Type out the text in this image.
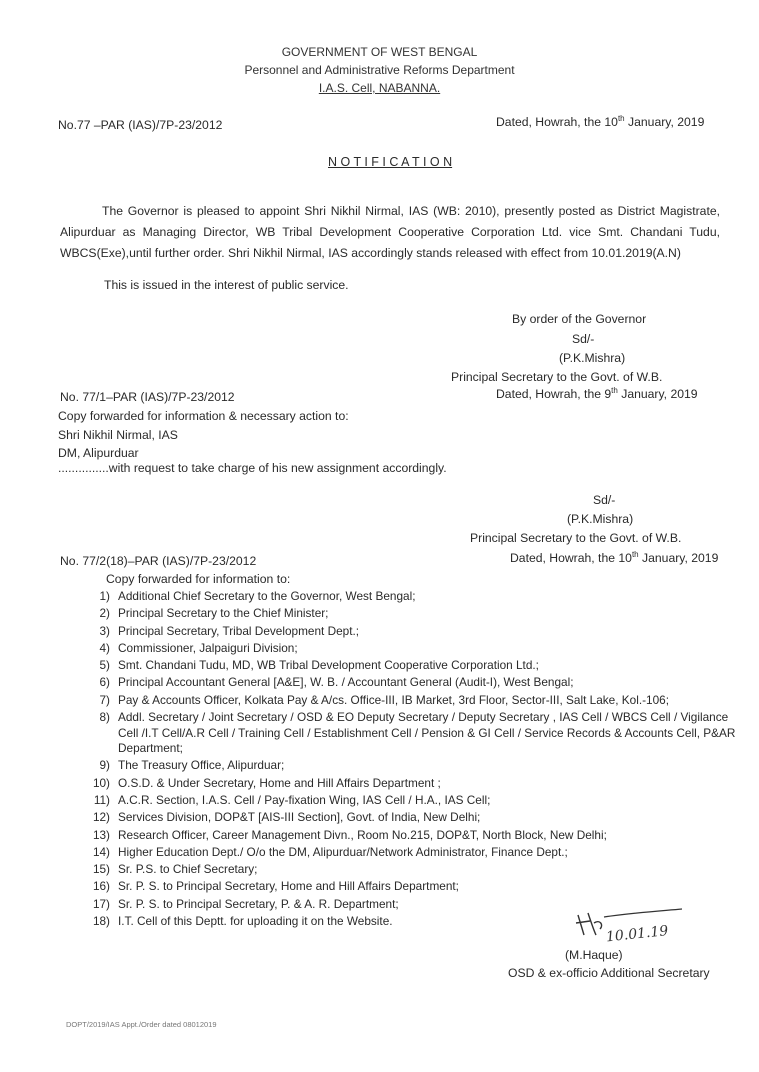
GOVERNMENT OF WEST BENGAL
Personnel and Administrative Reforms Department
I.A.S. Cell, NABANNA.
No.77 –PAR (IAS)/7P-23/2012	Dated, Howrah, the 10th January, 2019
N O T I F I C A T I O N
The Governor is pleased to appoint Shri Nikhil Nirmal, IAS (WB: 2010), presently posted as District Magistrate, Alipurduar as Managing Director, WB Tribal Development Cooperative Corporation Ltd. vice Smt. Chandani Tudu, WBCS(Exe),until further order. Shri Nikhil Nirmal, IAS accordingly stands released with effect from 10.01.2019(A.N)
This is issued in the interest of public service.
By order of the Governor
Sd/-
(P.K.Mishra)
Principal Secretary to the Govt. of W.B.
No. 77/1–PAR (IAS)/7P-23/2012	Dated, Howrah, the 9th January, 2019
Copy forwarded for information & necessary action to:
Shri Nikhil Nirmal, IAS
DM, Alipurduar
...............with request to take charge of his new assignment accordingly.
Sd/-
(P.K.Mishra)
Principal Secretary to the Govt. of W.B.
No. 77/2(18)–PAR (IAS)/7P-23/2012	Dated, Howrah, the 10th January, 2019
Copy forwarded for information to:
1) Additional Chief Secretary to the Governor, West Bengal;
2) Principal Secretary to the Chief Minister;
3) Principal Secretary, Tribal Development Dept.;
4) Commissioner, Jalpaiguri Division;
5) Smt. Chandani Tudu, MD, WB Tribal Development Cooperative Corporation Ltd.;
6) Principal Accountant General [A&E], W. B. / Accountant General (Audit-I), West Bengal;
7) Pay & Accounts Officer, Kolkata Pay & A/cs. Office-III, IB Market, 3rd Floor, Sector-III, Salt Lake, Kol.-106;
8) Addl. Secretary / Joint Secretary / OSD & EO Deputy Secretary / Deputy Secretary , IAS Cell / WBCS Cell / Vigilance Cell /I.T Cell/A.R Cell / Training Cell / Establishment Cell / Pension & GI Cell / Service Records & Accounts Cell, P&AR Department;
9) The Treasury Office, Alipurduar;
10) O.S.D. & Under Secretary, Home and Hill Affairs Department ;
11) A.C.R. Section, I.A.S. Cell / Pay-fixation Wing, IAS Cell / H.A., IAS Cell;
12) Services Division, DOP&T [AIS-III Section], Govt. of India, New Delhi;
13) Research Officer, Career Management Divn., Room No.215, DOP&T, North Block, New Delhi;
14) Higher Education Dept./ O/o the DM, Alipurduar/Network Administrator, Finance Dept.;
15) Sr. P.S. to Chief Secretary;
16) Sr. P. S. to Principal Secretary, Home and Hill Affairs Department;
17) Sr. P. S. to Principal Secretary, P. & A. R. Department;
18) I.T. Cell of this Deptt. for uploading it on the Website.
10.01.19
(M.Haque)
OSD & ex-officio Additional Secretary
DOPT/2019/IAS Appt./Order dated 08012019
